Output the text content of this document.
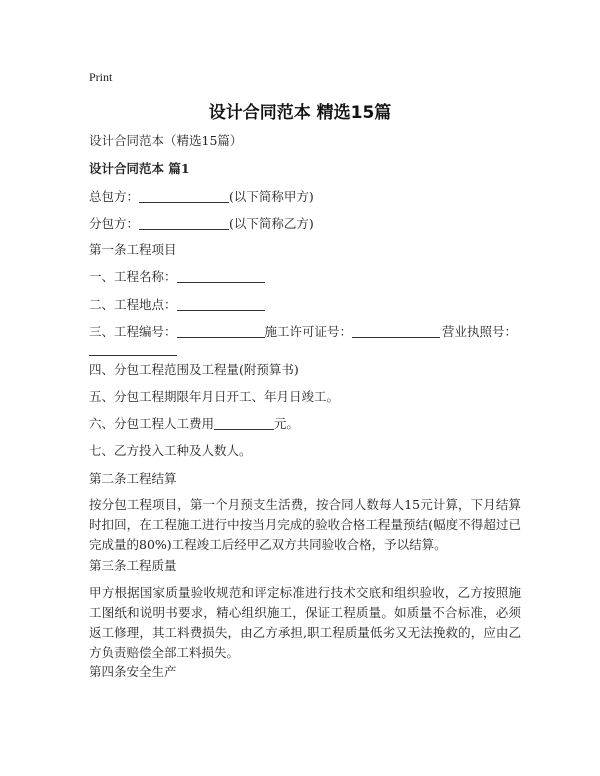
Print
设计合同范本 精选15篇
设计合同范本（精选15篇）
设计合同范本 篇1
总包方：	(以下简称甲方)
分包方：	(以下简称乙方)
第一条工程项目
一、工程名称：
二、工程地点：
三、工程编号：	施工许可证号：	营业执照号：
四、分包工程范围及工程量(附预算书)
五、分包工程期限年月日开工、年月日竣工。
六、分包工程人工费用	元。
七、乙方投入工种及人数人。
第二条工程结算
按分包工程项目，第一个月预支生活费，按合同人数每人15元计算，下月结算时扣回，在工程施工进行中按当月完成的验收合格工程量预结(幅度不得超过已完成量的80%)工程竣工后经甲乙双方共同验收合格，予以结算。
第三条工程质量
甲方根据国家质量验收规范和评定标准进行技术交底和组织验收，乙方按照施工图纸和说明书要求，精心组织施工，保证工程质量。如质量不合标准，必须返工修理，其工料费损失，由乙方承担,职工程质量低劣又无法挽救的，应由乙方负责赔偿全部工料损失。
第四条安全生产
